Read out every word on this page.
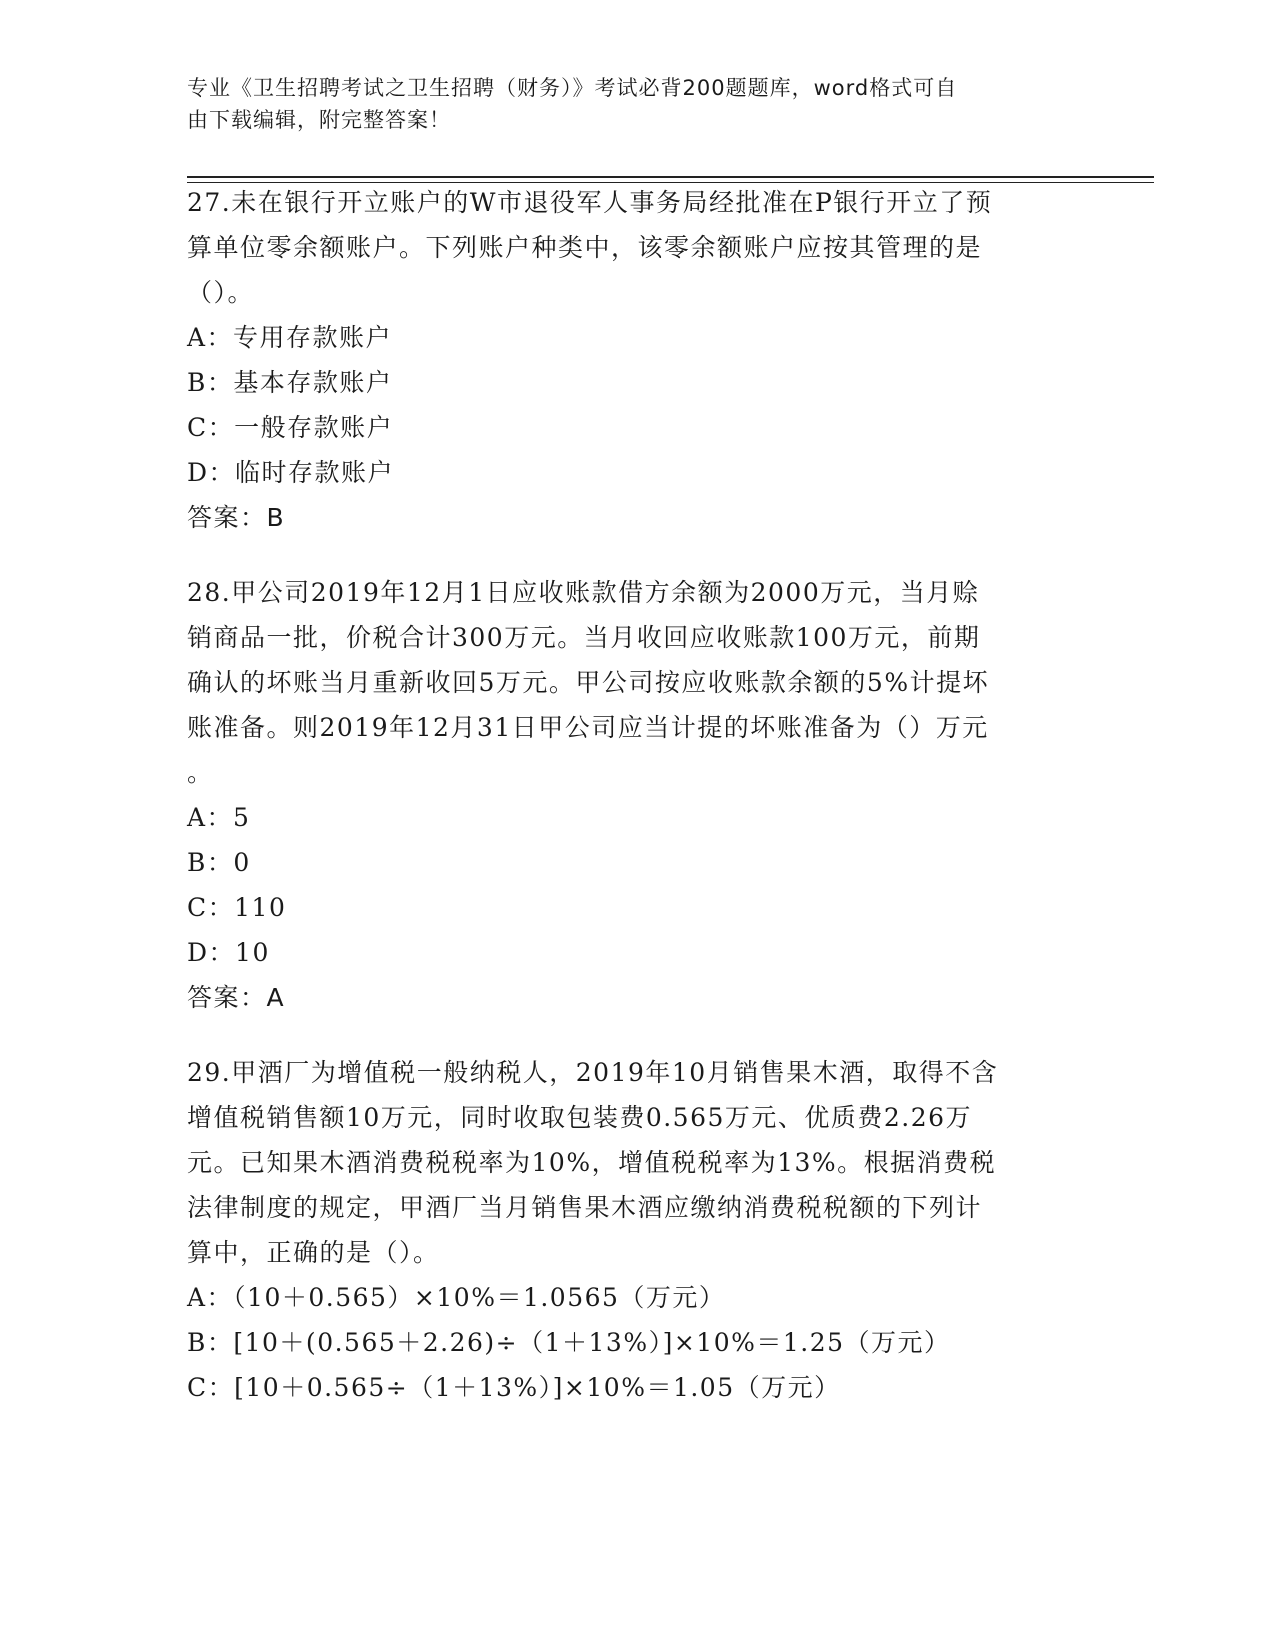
专业《卫生招聘考试之卫生招聘（财务）》考试必背200题题库，word格式可自
由下载编辑，附完整答案！
27.未在银行开立账户的W市退役军人事务局经批准在P银行开立了预
算单位零余额账户。下列账户种类中，该零余额账户应按其管理的是
（）。
A：专用存款账户
B：基本存款账户
C：一般存款账户
D：临时存款账户
答案：B
28.甲公司2019年12月1日应收账款借方余额为2000万元，当月赊
销商品一批，价税合计300万元。当月收回应收账款100万元，前期
确认的坏账当月重新收回5万元。甲公司按应收账款余额的5%计提坏
账准备。则2019年12月31日甲公司应当计提的坏账准备为（）万元
。
A：5
B：0
C：110
D：10
答案：A
29.甲酒厂为增值税一般纳税人，2019年10月销售果木酒，取得不含
增值税销售额10万元，同时收取包装费0.565万元、优质费2.26万
元。已知果木酒消费税税率为10%，增值税税率为13%。根据消费税
法律制度的规定，甲酒厂当月销售果木酒应缴纳消费税税额的下列计
算中，正确的是（）。
A：（10＋0.565）×10%＝1.0565（万元）
B：[10＋(0.565＋2.26)÷（1＋13%）]×10%＝1.25（万元）
C：[10＋0.565÷（1＋13%）]×10%＝1.05（万元）
